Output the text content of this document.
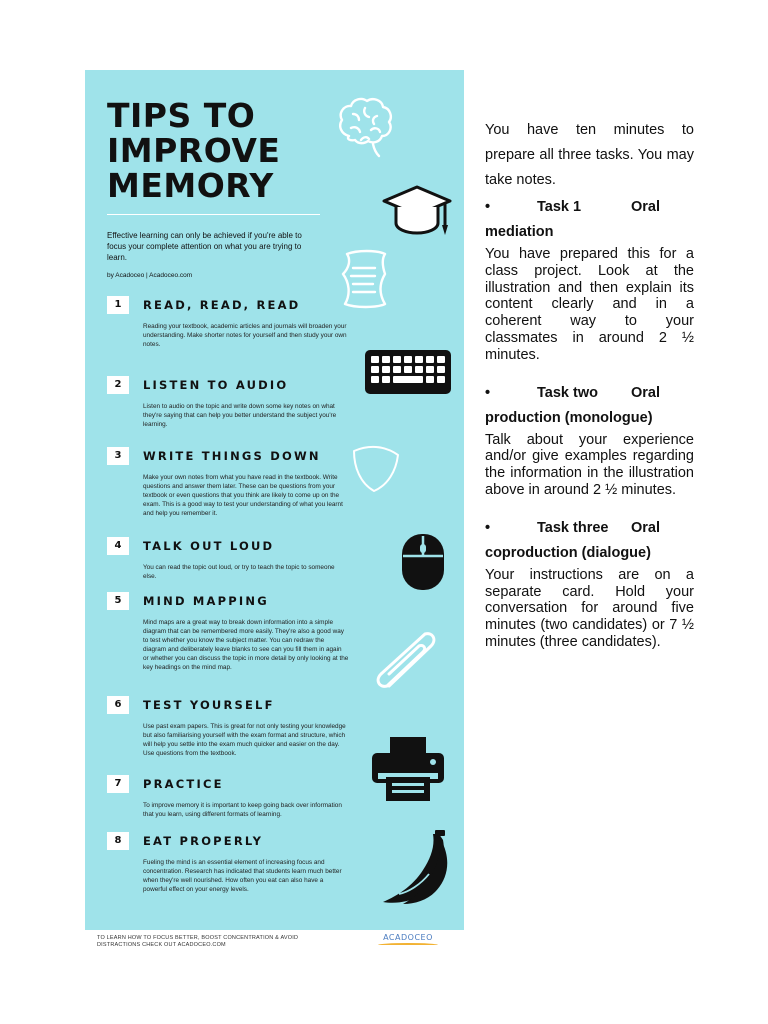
TIPS TO
IMPROVE
MEMORY

Effective learning can only be achieved if you're able to focus your complete attention on what you are trying to learn.

by Acadoceo | Acadoceo.com

1	READ, READ, READ

Reading your textbook, academic articles and journals will broaden your understanding. Make shorter notes for yourself and then study your own notes.

2	LISTEN TO AUDIO

Listen to audio on the topic and write down some key notes on what they're saying that can help you better understand the subject you're learning.

3	WRITE THINGS DOWN

Make your own notes from what you have read in the textbook. Write questions and answer them later. These can be questions from your textbook or even questions that you think are likely to come up on the exam. This is a good way to test your understanding of what you learnt and help you remember it.

4	TALK OUT LOUD

You can read the topic out loud, or try to teach the topic to someone else.

5	MIND MAPPING

Mind maps are a great way to break down information into a simple diagram that can be remembered more easily. They're also a good way to test whether you know the subject matter. You can redraw the diagram and deliberately leave blanks to see can you fill them in again or whether you can discuss the topic in more detail by only looking at the key headings on the mind map.

6	TEST YOURSELF

Use past exam papers. This is great for not only testing your knowledge but also familiarising yourself with the exam format and structure, which will help you settle into the exam much quicker and easier on the day. Use questions from the textbook.

7	PRACTICE

To improve memory it is important to keep going back over information that you learn, using different formats of learning.

8	EAT PROPERLY

Fueling the mind is an essential element of increasing focus and concentration. Research has indicated that students learn much better when they're well nourished. How often you eat can also have a powerful effect on your energy levels.

TO LEARN HOW TO FOCUS BETTER, BOOST CONCENTRATION & AVOID DISTRACTIONS CHECK OUT ACADOCEO.COM

ACADOCEO

You have ten minutes to prepare all three tasks. You may take notes.

•	Task 1	Oral
mediation

You have prepared this for a class project. Look at the illustration and then explain its content clearly and in a coherent way to your classmates in around 2 ½ minutes.

•	Task two	Oral
production (monologue)

Talk about your experience and/or give examples regarding the information in the illustration above in around 2 ½ minutes.

•	Task three	Oral
coproduction (dialogue)

Your instructions are on a separate card. Hold your conversation for around five minutes (two candidates) or 7 ½ minutes (three candidates).
